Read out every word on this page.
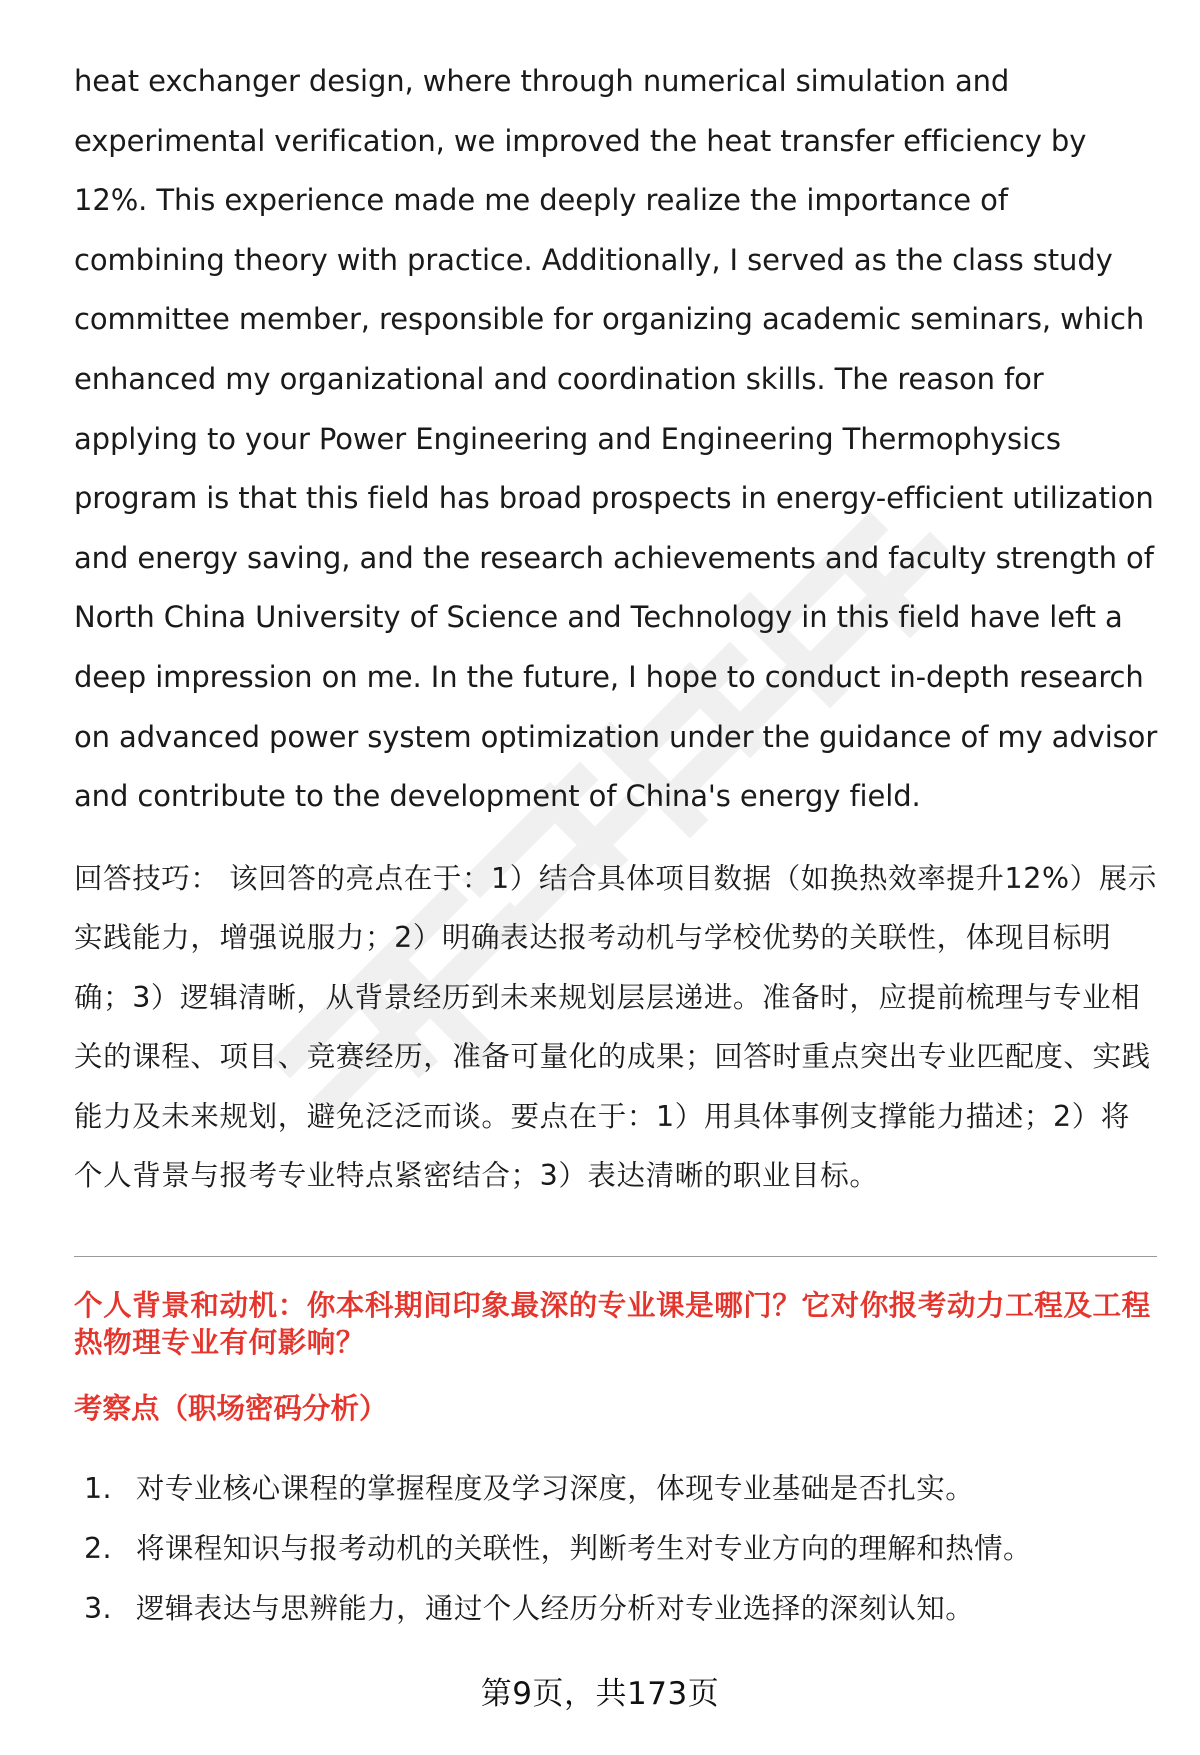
heat exchanger design, where through numerical simulation and experimental verification, we improved the heat transfer efficiency by 12%. This experience made me deeply realize the importance of combining theory with practice. Additionally, I served as the class study committee member, responsible for organizing academic seminars, which enhanced my organizational and coordination skills. The reason for applying to your Power Engineering and Engineering Thermophysics program is that this field has broad prospects in energy-efficient utilization and energy saving, and the research achievements and faculty strength of North China University of Science and Technology in this field have left a deep impression on me. In the future, I hope to conduct in-depth research on advanced power system optimization under the guidance of my advisor and contribute to the development of China's energy field.

回答技巧： 该回答的亮点在于：1）结合具体项目数据（如换热效率提升12%）展示实践能力，增强说服力；2）明确表达报考动机与学校优势的关联性，体现目标明确；3）逻辑清晰，从背景经历到未来规划层层递进。准备时，应提前梳理与专业相关的课程、项目、竞赛经历，准备可量化的成果；回答时重点突出专业匹配度、实践能力及未来规划，避免泛泛而谈。要点在于：1）用具体事例支撑能力描述；2）将个人背景与报考专业特点紧密结合；3）表达清晰的职业目标。

个人背景和动机：你本科期间印象最深的专业课是哪门？它对你报考动力工程及工程热物理专业有何影响？

考察点（职场密码分析）

1. 对专业核心课程的掌握程度及学习深度，体现专业基础是否扎实。
2. 将课程知识与报考动机的关联性，判断考生对专业方向的理解和热情。
3. 逻辑表达与思辨能力，通过个人经历分析对专业选择的深刻认知。
第9页，共173页
